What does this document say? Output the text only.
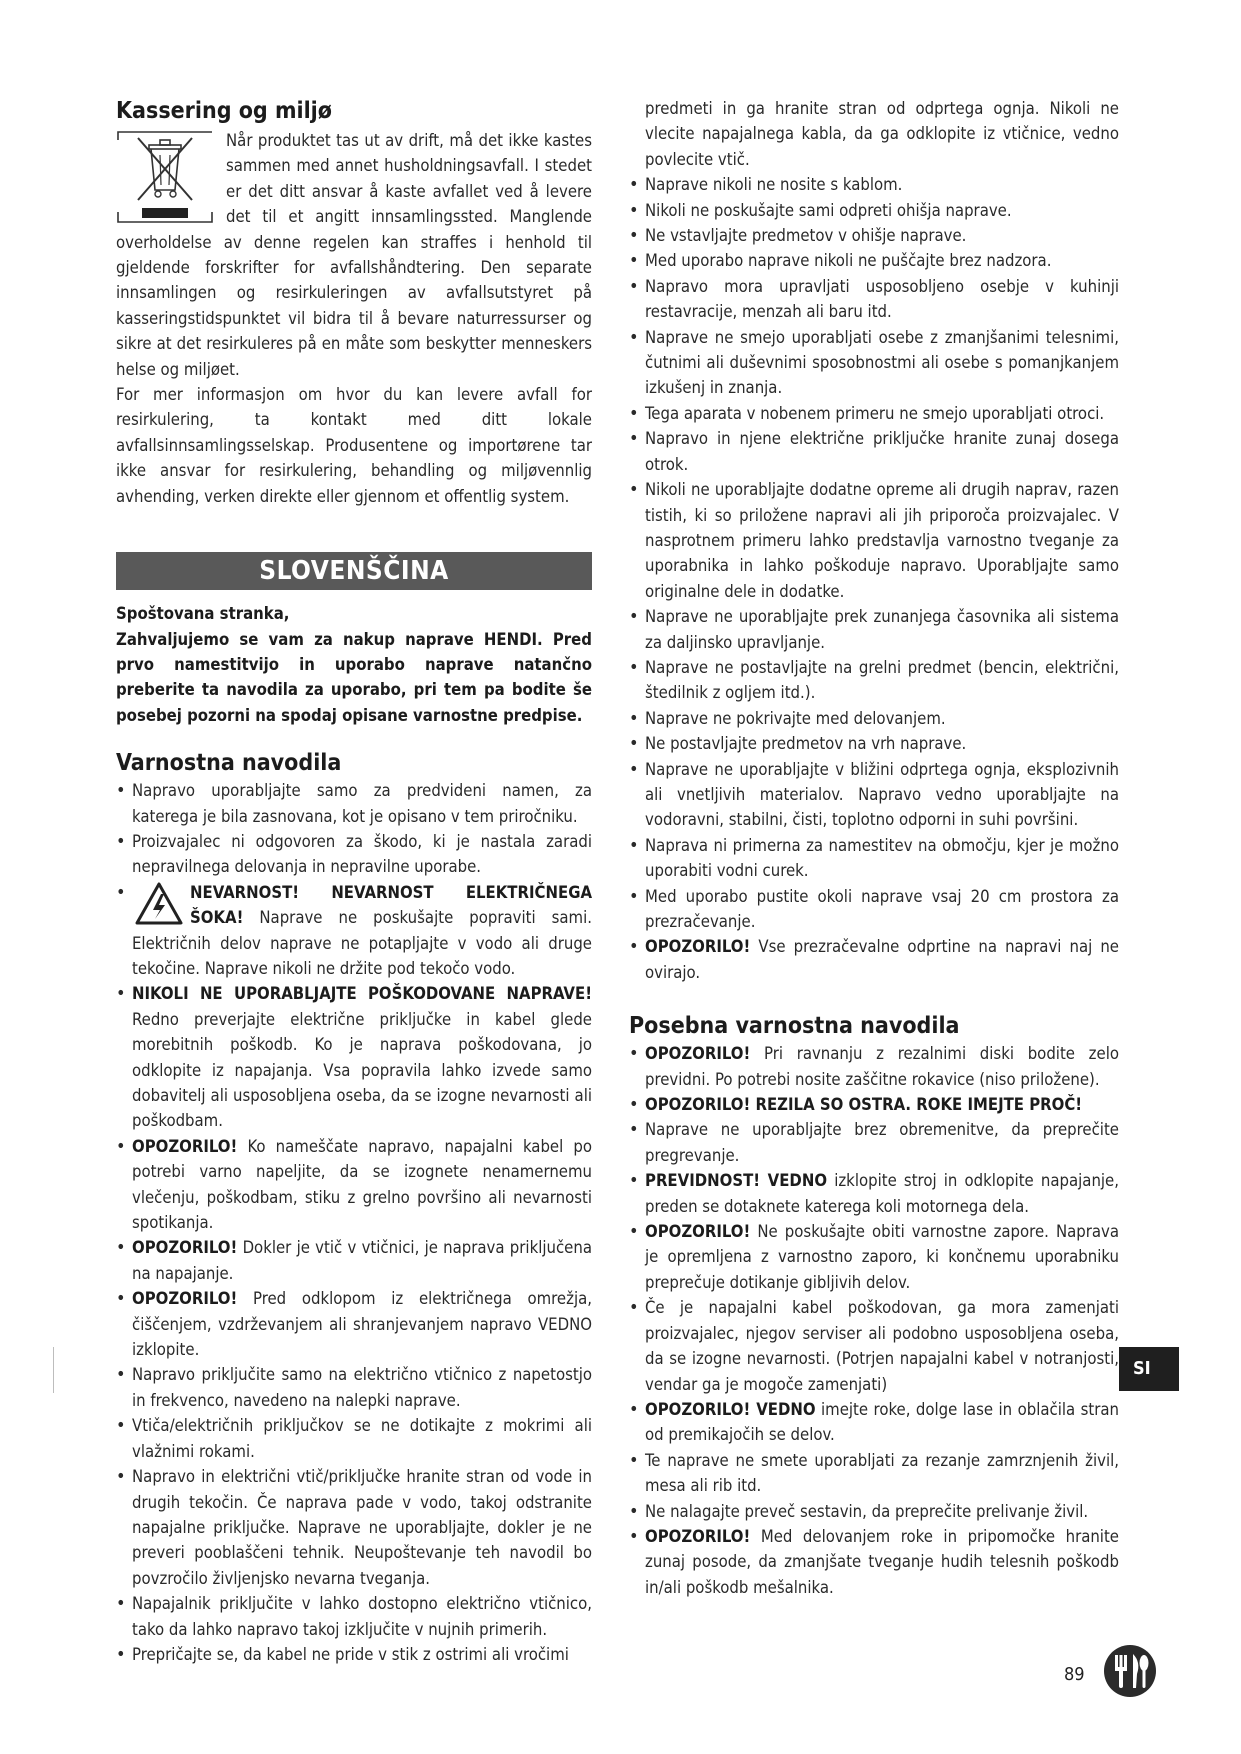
Kassering og miljø

Når produktet tas ut av drift, må det ikke kastes sammen med annet husholdningsavfall. I stedet er det ditt ansvar å kaste avfallet ved å levere det til et angitt innsamlingssted. Manglende overholdelse av denne regelen kan straffes i henhold til gjeldende forskrifter for avfallshåndtering. Den separate innsamlingen og resirkuleringen av avfallsutstyret på kasseringstidspunktet vil bidra til å bevare naturressurser og sikre at det resirkuleres på en måte som beskytter menneskers helse og miljøet.

For mer informasjon om hvor du kan levere avfall for resirkulering, ta kontakt med ditt lokale avfallsinnsamlingsselskap. Produsentene og importørene tar ikke ansvar for resirkulering, behandling og miljøvennlig avhending, verken direkte eller gjennom et offentlig system.

SLOVENŠČINA

Spoštovana stranka,

Zahvaljujemo se vam za nakup naprave HENDI. Pred prvo namestitvijo in uporabo naprave natančno preberite ta navodila za uporabo, pri tem pa bodite še posebej pozorni na spodaj opisane varnostne predpise.

Varnostna navodila
• Napravo uporabljajte samo za predvideni namen, za katerega je bila zasnovana, kot je opisano v tem priročniku.
• Proizvajalec ni odgovoren za škodo, ki je nastala zaradi nepravilnega delovanja in nepravilne uporabe.
• NEVARNOST! NEVARNOST ELEKTRIČNEGA ŠOKA! Naprave ne poskušajte popraviti sami. Električnih delov naprave ne potapljajte v vodo ali druge tekočine. Naprave nikoli ne držite pod tekočo vodo.
• NIKOLI NE UPORABLJAJTE POŠKODOVANE NAPRAVE! Redno preverjajte električne priključke in kabel glede morebitnih poškodb. Ko je naprava poškodovana, jo odklopite iz napajanja. Vsa popravila lahko izvede samo dobavitelj ali usposobljena oseba, da se izogne nevarnosti ali poškodbam.
• OPOZORILO! Ko nameščate napravo, napajalni kabel po potrebi varno napeljite, da se izognete nenamernemu vlečenju, poškodbam, stiku z grelno površino ali nevarnosti spotikanja.
• OPOZORILO! Dokler je vtič v vtičnici, je naprava priključena na napajanje.
• OPOZORILO! Pred odklopom iz električnega omrežja, čiščenjem, vzdrževanjem ali shranjevanjem napravo VEDNO izklopite.
• Napravo priključite samo na električno vtičnico z napetostjo in frekvenco, navedeno na nalepki naprave.
• Vtiča/električnih priključkov se ne dotikajte z mokrimi ali vlažnimi rokami.
• Napravo in električni vtič/priključke hranite stran od vode in drugih tekočin. Če naprava pade v vodo, takoj odstranite napajalne priključke. Naprave ne uporabljajte, dokler je ne preveri pooblaščeni tehnik. Neupoštevanje teh navodil bo povzročilo življenjsko nevarna tveganja.
• Napajalnik priključite v lahko dostopno električno vtičnico, tako da lahko napravo takoj izključite v nujnih primerih.
• Prepričajte se, da kabel ne pride v stik z ostrimi ali vročimi

predmeti in ga hranite stran od odprtega ognja. Nikoli ne vlecite napajalnega kabla, da ga odklopite iz vtičnice, vedno povlecite vtič.

• Naprave nikoli ne nosite s kablom.
• Nikoli ne poskušajte sami odpreti ohišja naprave.
• Ne vstavljajte predmetov v ohišje naprave.
• Med uporabo naprave nikoli ne puščajte brez nadzora.
• Napravo mora upravljati usposobljeno osebje v kuhinji restavracije, menzah ali baru itd.
• Naprave ne smejo uporabljati osebe z zmanjšanimi telesnimi, čutnimi ali duševnimi sposobnostmi ali osebe s pomanjkanjem izkušenj in znanja.
• Tega aparata v nobenem primeru ne smejo uporabljati otroci.
• Napravo in njene električne priključke hranite zunaj dosega otrok.
• Nikoli ne uporabljajte dodatne opreme ali drugih naprav, razen tistih, ki so priložene napravi ali jih priporoča proizvajalec. V nasprotnem primeru lahko predstavlja varnostno tveganje za uporabnika in lahko poškoduje napravo. Uporabljajte samo originalne dele in dodatke.
• Naprave ne uporabljajte prek zunanjega časovnika ali sistema za daljinsko upravljanje.
• Naprave ne postavljajte na grelni predmet (bencin, električni, štedilnik z ogljem itd.).
• Naprave ne pokrivajte med delovanjem.
• Ne postavljajte predmetov na vrh naprave.
• Naprave ne uporabljajte v bližini odprtega ognja, eksplozivnih ali vnetljivih materialov. Napravo vedno uporabljajte na vodoravni, stabilni, čisti, toplotno odporni in suhi površini.
• Naprava ni primerna za namestitev na območju, kjer je možno uporabiti vodni curek.
• Med uporabo pustite okoli naprave vsaj 20 cm prostora za prezračevanje.
• OPOZORILO! Vse prezračevalne odprtine na napravi naj ne ovirajo.
Posebna varnostna navodila
• OPOZORILO! Pri ravnanju z rezalnimi diski bodite zelo previdni. Po potrebi nosite zaščitne rokavice (niso priložene).
• OPOZORILO! REZILA SO OSTRA. ROKE IMEJTE PROČ!
• Naprave ne uporabljajte brez obremenitve, da preprečite pregrevanje.
• PREVIDNOST! VEDNO izklopite stroj in odklopite napajanje, preden se dotaknete katerega koli motornega dela.
• OPOZORILO! Ne poskušajte obiti varnostne zapore. Naprava je opremljena z varnostno zaporo, ki končnemu uporabniku preprečuje dotikanje gibljivih delov.
• Če je napajalni kabel poškodovan, ga mora zamenjati proizvajalec, njegov serviser ali podobno usposobljena oseba, da se izogne nevarnosti. (Potrjen napajalni kabel v notranjosti, vendar ga je mogoče zamenjati)
• OPOZORILO! VEDNO imejte roke, dolge lase in oblačila stran od premikajočih se delov.
• Te naprave ne smete uporabljati za rezanje zamrznjenih živil, mesa ali rib itd.
• Ne nalagajte preveč sestavin, da preprečite prelivanje živil.
• OPOZORILO! Med delovanjem roke in pripomočke hranite zunaj posode, da zmanjšate tveganje hudih telesnih poškodb in/ali poškodb mešalnika.
SI
89
